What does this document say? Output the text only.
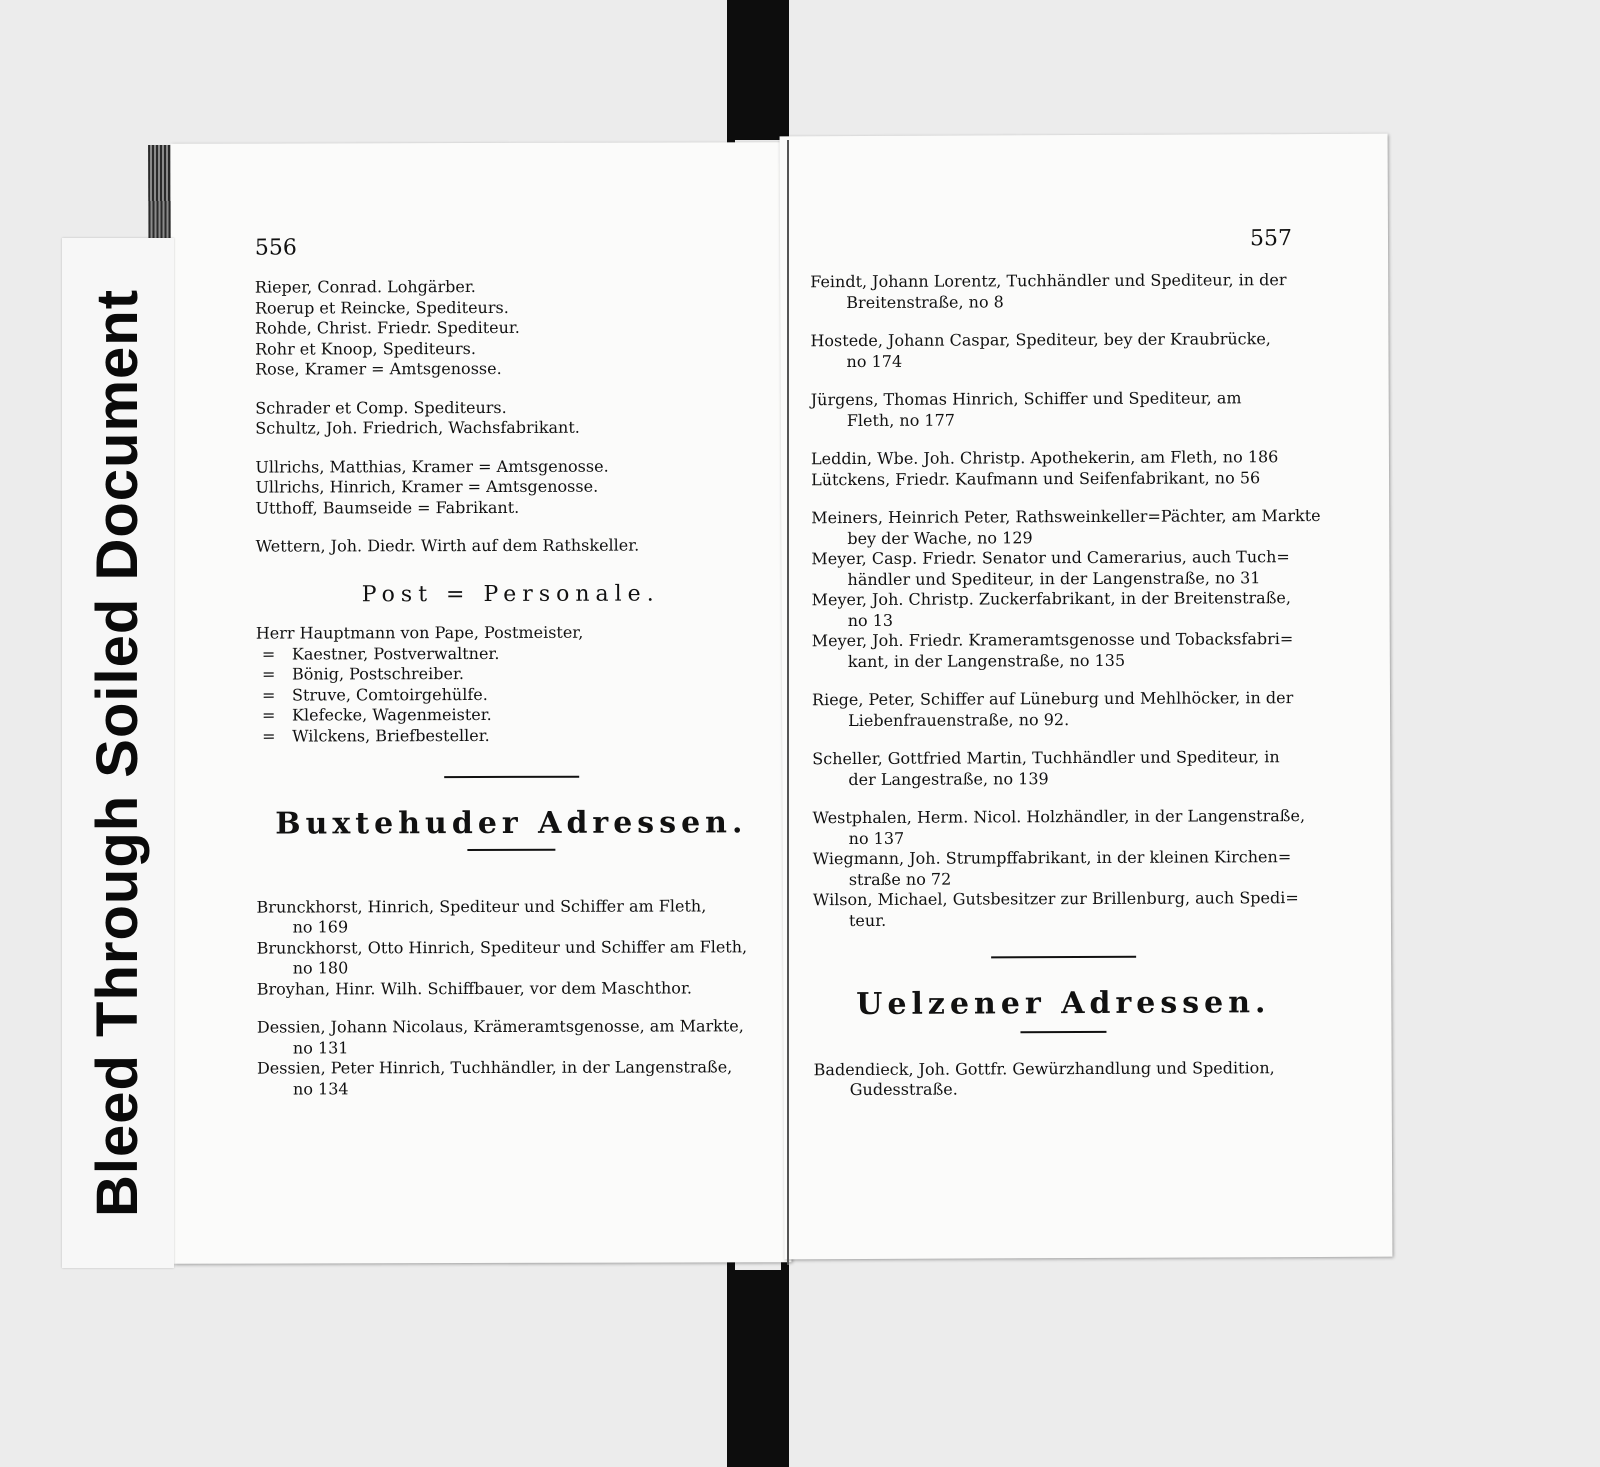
556
Rieper, Conrad. Lohgärber.
Roerup et Reincke, Spediteurs.
Rohde, Christ. Friedr. Spediteur.
Rohr et Knoop, Spediteurs.
Rose, Kramer = Amtsgenosse.
Schrader et Comp. Spediteurs.
Schultz, Joh. Friedrich, Wachsfabrikant.
Ullrichs, Matthias, Kramer = Amtsgenosse.
Ullrichs, Hinrich, Kramer = Amtsgenosse.
Utthoff, Baumseide = Fabrikant.
Wettern, Joh. Diedr. Wirth auf dem Rathskeller.
Post = Personale.
Herr Hauptmann von Pape, Postmeister,
= Kaestner, Postverwaltner.
= Bönig, Postschreiber.
= Struve, Comtoirgehülfe.
= Klefecke, Wagenmeister.
= Wilckens, Briefbesteller.
Buxtehuder Adressen.
Brunckhorst, Hinrich, Spediteur und Schiffer am Fleth,
no 169
Brunckhorst, Otto Hinrich, Spediteur und Schiffer am Fleth,
no 180
Broyhan, Hinr. Wilh. Schiffbauer, vor dem Maschthor.
Dessien, Johann Nicolaus, Krämeramtsgenosse, am Markte,
no 131
Dessien, Peter Hinrich, Tuchhändler, in der Langenstraße,
no 134
557
Feindt, Johann Lorentz, Tuchhändler und Spediteur, in der
Breitenstraße, no 8
Hostede, Johann Caspar, Spediteur, bey der Kraubrücke,
no 174
Jürgens, Thomas Hinrich, Schiffer und Spediteur, am
Fleth, no 177
Leddin, Wbe. Joh. Christp. Apothekerin, am Fleth, no 186
Lütckens, Friedr. Kaufmann und Seifenfabrikant, no 56
Meiners, Heinrich Peter, Rathsweinkeller=Pächter, am Markte
bey der Wache, no 129
Meyer, Casp. Friedr. Senator und Camerarius, auch Tuch=
händler und Spediteur, in der Langenstraße, no 31
Meyer, Joh. Christp. Zuckerfabrikant, in der Breitenstraße,
no 13
Meyer, Joh. Friedr. Krameramtsgenosse und Tobacksfabri=
kant, in der Langenstraße, no 135
Riege, Peter, Schiffer auf Lüneburg und Mehlhöcker, in der
Liebenfrauenstraße, no 92.
Scheller, Gottfried Martin, Tuchhändler und Spediteur, in
der Langestraße, no 139
Westphalen, Herm. Nicol. Holzhändler, in der Langenstraße,
no 137
Wiegmann, Joh. Strumpffabrikant, in der kleinen Kirchen=
straße no 72
Wilson, Michael, Gutsbesitzer zur Brillenburg, auch Spedi=
teur.
Uelzener Adressen.
Badendieck, Joh. Gottfr. Gewürzhandlung und Spedition,
Gudesstraße.
Bleed Through Soiled Document
